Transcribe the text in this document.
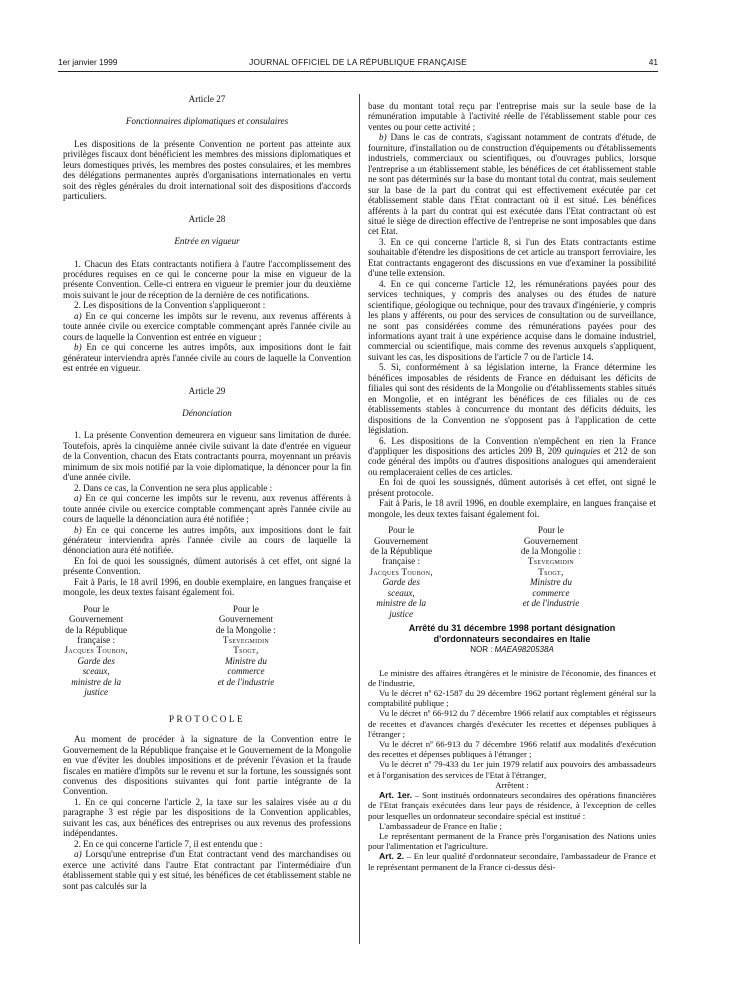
1er janvier 1999	JOURNAL OFFICIEL DE LA RÉPUBLIQUE FRANÇAISE	41
Article 27
Fonctionnaires diplomatiques et consulaires

Les dispositions de la présente Convention ne portent pas atteinte aux privilèges fiscaux dont bénéficient les membres des missions diplomatiques et leurs domestiques privés, les membres des postes consulaires, et les membres des délégations permanentes auprès d'organisations internationales en vertu soit des règles générales du droit international soit des dispositions d'accords particuliers.

Article 28
Entrée en vigueur

1. Chacun des Etats contractants notifiera à l'autre l'accomplissement des procédures requises en ce qui le concerne pour la mise en vigueur de la présente Convention. Celle-ci entrera en vigueur le premier jour du deuxième mois suivant le jour de réception de la dernière de ces notifications.

2. Les dispositions de la Convention s'appliqueront :

a) En ce qui concerne les impôts sur le revenu, aux revenus afférents à toute année civile ou exercice comptable commençant après l'année civile au cours de laquelle la Convention est entrée en vigueur ;

b) En ce qui concerne les autres impôts, aux impositions dont le fait générateur interviendra après l'année civile au cours de laquelle la Convention est entrée en vigueur.

Article 29
Dénonciation

1. La présente Convention demeurera en vigueur sans limitation de durée. Toutefois, après la cinquième année civile suivant la date d'entrée en vigueur de la Convention, chacun des Etats contractants pourra, moyennant un préavis minimum de six mois notifié par la voie diplomatique, la dénoncer pour la fin d'une année civile.

2. Dans ce cas, la Convention ne sera plus applicable :

a) En ce qui concerne les impôts sur le revenu, aux revenus afférents à toute année civile ou exercice comptable commençant après l'année civile au cours de laquelle la dénonciation aura été notifiée ;

b) En ce qui concerne les autres impôts, aux impositions dont le fait générateur interviendra après l'année civile au cours de laquelle la dénonciation aura été notifiée.

En foi de quoi les soussignés, dûment autorisés à cet effet, ont signé la présente Convention.

Fait à Paris, le 18 avril 1996, en double exemplaire, en langues française et mongole, les deux textes faisant également foi.

Pour le Gouvernement
de la République française :
Jacques Toubon,
Garde des sceaux,
ministre de la justice
Pour le Gouvernement
de la Mongolie :
Tsevegmidin Tsogt,
Ministre du commerce
et de l'industrie
PROTOCOLE

Au moment de procéder à la signature de la Convention entre le Gouvernement de la République française et le Gouvernement de la Mongolie en vue d'éviter les doubles impositions et de prévenir l'évasion et la fraude fiscales en matière d'impôts sur le revenu et sur la fortune, les soussignés sont convenus des dispositions suivantes qui font partie intégrante de la Convention.

1. En ce qui concerne l'article 2, la taxe sur les salaires visée au a du paragraphe 3 est régie par les dispositions de la Convention applicables, suivant les cas, aux bénéfices des entreprises ou aux revenus des professions indépendantes.

2. En ce qui concerne l'article 7, il est entendu que :

a) Lorsqu'une entreprise d'un Etat contractant vend des marchandises ou exerce une activité dans l'autre Etat contractant par l'intermédiaire d'un établissement stable qui y est situé, les bénéfices de cet établissement stable ne sont pas calculés sur la

base du montant total reçu par l'entreprise mais sur la seule base de la rémunération imputable à l'activité réelle de l'établissement stable pour ces ventes ou pour cette activité ;

b) Dans le cas de contrats, s'agissant notamment de contrats d'étude, de fourniture, d'installation ou de construction d'équipements ou d'établissements industriels, commerciaux ou scientifiques, ou d'ouvrages publics, lorsque l'entreprise a un établissement stable, les bénéfices de cet établissement stable ne sont pas déterminés sur la base du montant total du contrat, mais seulement sur la base de la part du contrat qui est effectivement exécutée par cet établissement stable dans l'Etat contractant où il est situé. Les bénéfices afférents à la part du contrat qui est exécutée dans l'Etat contractant où est situé le siège de direction effective de l'entreprise ne sont imposables que dans cet Etat.

3. En ce qui concerne l'article 8, si l'un des Etats contractants estime souhaitable d'étendre les dispositions de cet article au transport ferroviaire, les Etat contractants engageront des discussions en vue d'examiner la possibilité d'une telle extension.

4. En ce qui concerne l'article 12, les rémunérations payées pour des services techniques, y compris des analyses ou des études de nature scientifique, géologique ou technique, pour des travaux d'ingénierie, y compris les plans y afférents, ou pour des services de consultation ou de surveillance, ne sont pas considérées comme des rémunérations payées pour des informations ayant trait à une expérience acquise dans le domaine industriel, commercial ou scientifique, mais comme des revenus auxquels s'appliquent, suivant les cas, les dispositions de l'article 7 ou de l'article 14.

5. Si, conformément à sa législation interne, la France détermine les bénéfices imposables de résidents de France en déduisant les déficits de filiales qui sont des résidents de la Mongolie ou d'établissements stables situés en Mongolie, et en intégrant les bénéfices de ces filiales ou de ces établissements stables à concurrence du montant des déficits déduits, les dispositions de la Convention ne s'opposent pas à l'application de cette législation.

6. Les dispositions de la Convention n'empêchent en rien la France d'appliquer les dispositions des articles 209 B, 209 quinquies et 212 de son code général des impôts ou d'autres dispositions analogues qui amenderaient ou remplaceraient celles de ces articles.

En foi de quoi les soussignés, dûment autorisés à cet effet, ont signé le présent protocole.

Fait à Paris, le 18 avril 1996, en double exemplaire, en langues française et mongole, les deux textes faisant également foi.

Pour le Gouvernement
de la République française :
Jacques Toubon,
Garde des sceaux,
ministre de la justice
Pour le Gouvernement
de la Mongolie :
Tsevegmidin Tsogt,
Ministre du commerce
et de l'industrie
Arrêté du 31 décembre 1998 portant désignation
d'ordonnateurs secondaires en Italie
NOR : MAEA9820538A

Le ministre des affaires étrangères et le ministre de l'économie, des finances et de l'industrie,

Vu le décret nº 62-1587 du 29 décembre 1962 portant règlement général sur la comptabilité publique ;

Vu le décret nº 66-912 du 7 décembre 1966 relatif aux comptables et régisseurs de recettes et d'avances chargés d'exécuter les recettes et dépenses publiques à l'étranger ;

Vu le décret nº 66-913 du 7 décembre 1966 relatif aux modalités d'exécution des recettes et dépenses publiques à l'étranger ;

Vu le décret nº 79-433 du 1er juin 1979 relatif aux pouvoirs des ambassadeurs et à l'organisation des services de l'Etat à l'étranger,

Arrêtent :

Art. 1er. – Sont institués ordonnateurs secondaires des opérations financières de l'Etat français exécutées dans leur pays de résidence, à l'exception de celles pour lesquelles un ordonnateur secondaire spécial est institué :

L'ambassadeur de France en Italie ;

Le représentant permanent de la France près l'organisation des Nations unies pour l'alimentation et l'agriculture.

Art. 2. – En leur qualité d'ordonnateur secondaire, l'ambassadeur de France et le représentant permanent de la France ci-dessus dési-
